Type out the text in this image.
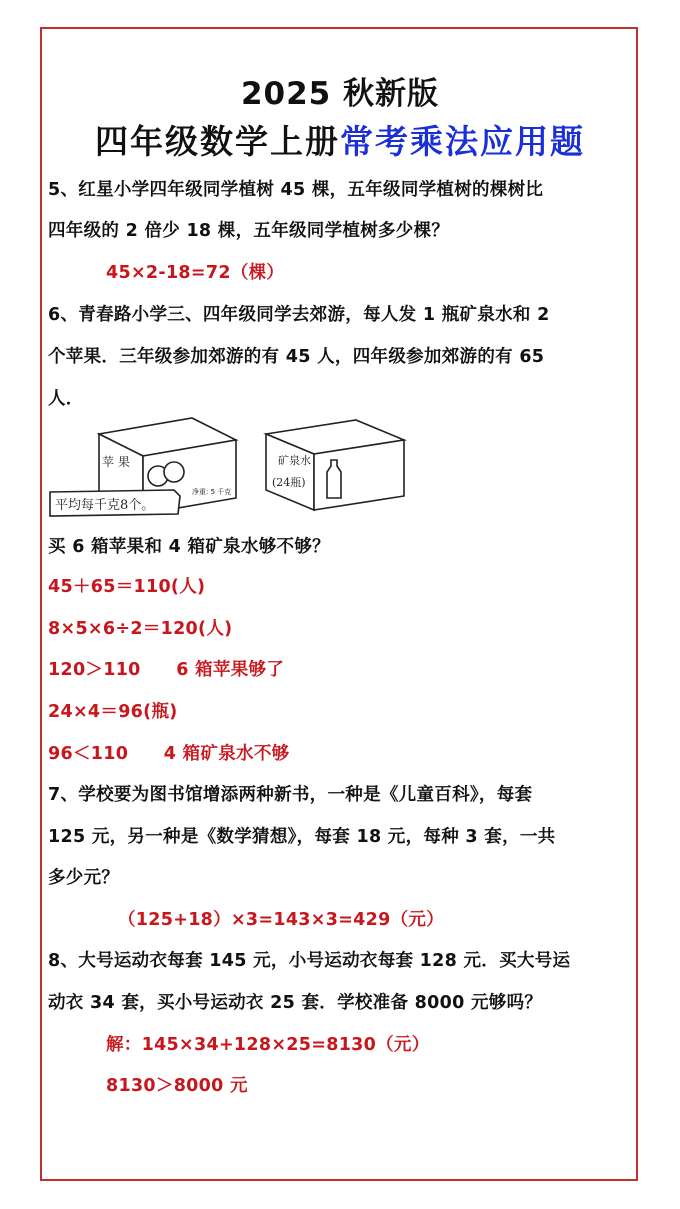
2025 秋新版
四年级数学上册常考乘法应用题
5、红星小学四年级同学植树 45 棵，五年级同学植树的棵树比
四年级的 2 倍少 18 棵，五年级同学植树多少棵？
45×2-18=72（棵）
6、青春路小学三、四年级同学去郊游，每人发 1 瓶矿泉水和 2
个苹果．三年级参加郊游的有 45 人，四年级参加郊游的有 65
人．
苹 果
净重: 5 千克
平均每千克8个。
矿泉水
(24瓶)
买 6 箱苹果和 4 箱矿泉水够不够？
45＋65＝110(人)
8×5×6÷2＝120(人)
120＞110　　6 箱苹果够了
24×4＝96(瓶)
96＜110　　4 箱矿泉水不够
7、学校要为图书馆增添两种新书，一种是《儿童百科》，每套
125 元，另一种是《数学猜想》，每套 18 元，每种 3 套，一共
多少元？
（125+18）×3=143×3=429（元）
8、大号运动衣每套 145 元，小号运动衣每套 128 元．买大号运
动衣 34 套，买小号运动衣 25 套．学校准备 8000 元够吗？
解：145×34+128×25=8130（元）
8130＞8000 元
